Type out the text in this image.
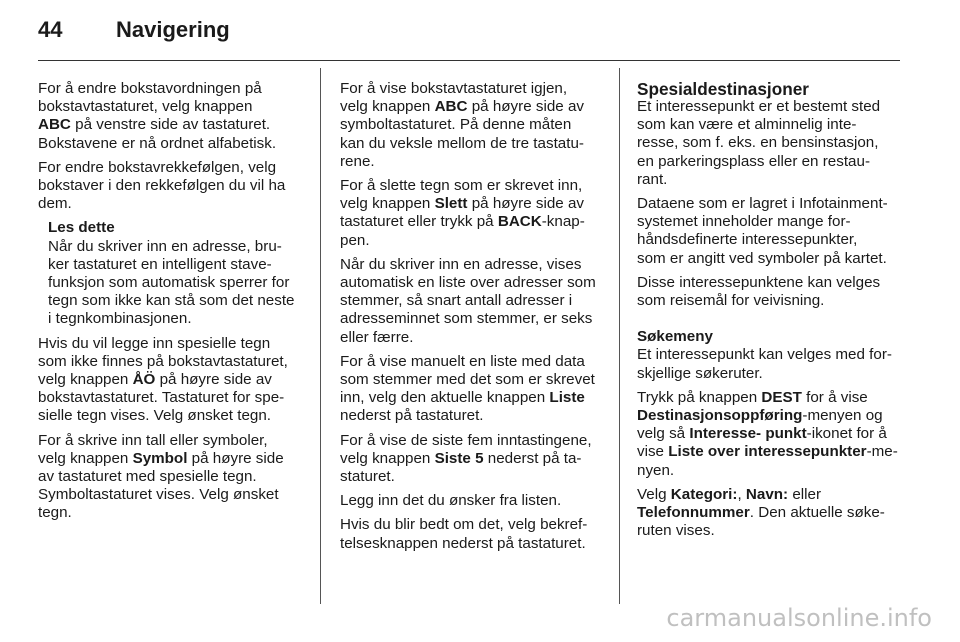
44 Navigering

For å endre bokstavordningen på
bokstavtastaturet, velg knappen
ABC på venstre side av tastaturet.
Bokstavene er nå ordnet alfabetisk.

For endre bokstavrekkefølgen, velg
bokstaver i den rekkefølgen du vil ha
dem.

Les dette
Når du skriver inn en adresse, bru-
ker tastaturet en intelligent stave-
funksjon som automatisk sperrer for
tegn som ikke kan stå som det neste
i tegnkombinasjonen.

Hvis du vil legge inn spesielle tegn
som ikke finnes på bokstavtastaturet,
velg knappen ÅÖ på høyre side av
bokstavtastaturet. Tastaturet for spe-
sielle tegn vises. Velg ønsket tegn.

For å skrive inn tall eller symboler,
velg knappen Symbol på høyre side
av tastaturet med spesielle tegn.
Symboltastaturet vises. Velg ønsket
tegn.

For å vise bokstavtastaturet igjen,
velg knappen ABC på høyre side av
symboltastaturet. På denne måten
kan du veksle mellom de tre tastatu-
rene.

For å slette tegn som er skrevet inn,
velg knappen Slett på høyre side av
tastaturet eller trykk på BACK-knap-
pen.

Når du skriver inn en adresse, vises
automatisk en liste over adresser som
stemmer, så snart antall adresser i
adresseminnet som stemmer, er seks
eller færre.

For å vise manuelt en liste med data
som stemmer med det som er skrevet
inn, velg den aktuelle knappen Liste
nederst på tastaturet.

For å vise de siste fem inntastingene,
velg knappen Siste 5 nederst på ta-
staturet.

Legg inn det du ønsker fra listen.

Hvis du blir bedt om det, velg bekref-
telsesknappen nederst på tastaturet.

Spesialdestinasjoner

Et interessepunkt er et bestemt sted
som kan være et alminnelig inte-
resse, som f. eks. en bensinstasjon,
en parkeringsplass eller en restau-
rant.

Dataene som er lagret i Infotainment-
systemet inneholder mange for-
håndsdefinerte interessepunkter,
som er angitt ved symboler på kartet.

Disse interessepunktene kan velges
som reisemål for veivisning.

Søkemeny

Et interessepunkt kan velges med for-
skjellige søkeruter.

Trykk på knappen DEST for å vise
Destinasjonsoppføring-menyen og
velg så Interesse- punkt-ikonet for å
vise Liste over interessepunkter-me-
nyen.

Velg Kategori:, Navn: eller
Telefonnummer. Den aktuelle søke-
ruten vises.

carmanualsonline.info
